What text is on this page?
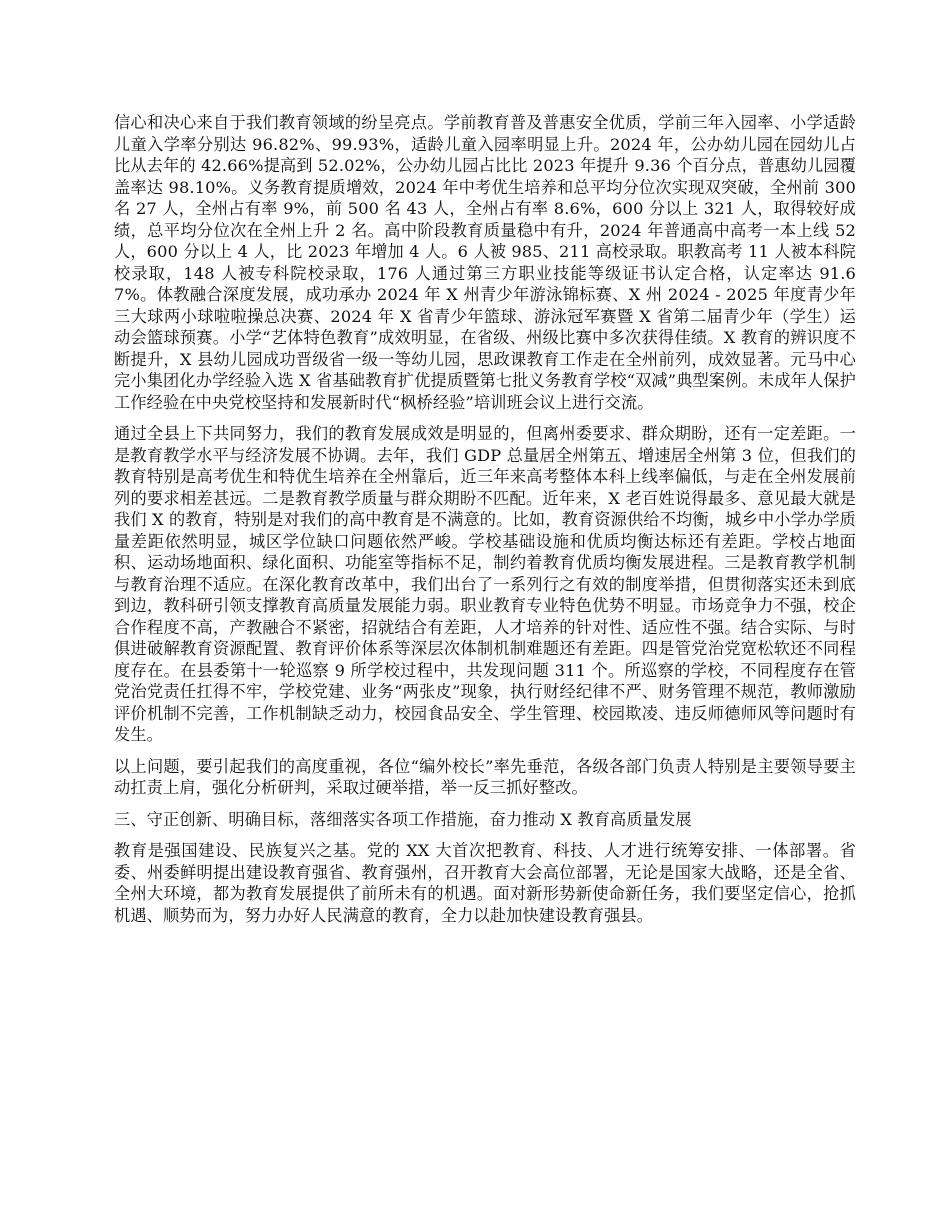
信心和决心来自于我们教育领域的纷呈亮点。学前教育普及普惠安全优质，学前三年入园率、小学适龄儿童入学率分别达 96.82%、99.93%，适龄儿童入园率明显上升。2024 年，公办幼儿园在园幼儿占比从去年的 42.66%提高到 52.02%，公办幼儿园占比比 2023 年提升 9.36 个百分点，普惠幼儿园覆盖率达 98.10%。义务教育提质增效，2024 年中考优生培养和总平均分位次实现双突破，全州前 300 名 27 人，全州占有率 9%，前 500 名 43 人，全州占有率 8.6%，600 分以上 321 人，取得较好成绩，总平均分位次在全州上升 2 名。高中阶段教育质量稳中有升，2024 年普通高中高考一本上线 52 人，600 分以上 4 人，比 2023 年增加 4 人。6 人被 985、211 高校录取。职教高考 11 人被本科院校录取，148 人被专科院校录取，176 人通过第三方职业技能等级证书认定合格，认定率达 91.67%。体教融合深度发展，成功承办 2024 年 X 州青少年游泳锦标赛、X 州 2024 - 2025 年度青少年三大球两小球啦啦操总决赛、2024 年 X 省青少年篮球、游泳冠军赛暨 X 省第二届青少年（学生）运动会篮球预赛。小学“艺体特色教育”成效明显，在省级、州级比赛中多次获得佳绩。X 教育的辨识度不断提升，X 县幼儿园成功晋级省一级一等幼儿园，思政课教育工作走在全州前列，成效显著。元马中心完小集团化办学经验入选 X 省基础教育扩优提质暨第七批义务教育学校“双减”典型案例。未成年人保护工作经验在中央党校坚持和发展新时代“枫桥经验”培训班会议上进行交流。

通过全县上下共同努力，我们的教育发展成效是明显的，但离州委要求、群众期盼，还有一定差距。一是教育教学水平与经济发展不协调。去年，我们 GDP 总量居全州第五、增速居全州第 3 位，但我们的教育特别是高考优生和特优生培养在全州靠后，近三年来高考整体本科上线率偏低，与走在全州发展前列的要求相差甚远。二是教育教学质量与群众期盼不匹配。近年来，X 老百姓说得最多、意见最大就是我们 X 的教育，特别是对我们的高中教育是不满意的。比如，教育资源供给不均衡，城乡中小学办学质量差距依然明显，城区学位缺口问题依然严峻。学校基础设施和优质均衡达标还有差距。学校占地面积、运动场地面积、绿化面积、功能室等指标不足，制约着教育优质均衡发展进程。三是教育教学机制与教育治理不适应。在深化教育改革中，我们出台了一系列行之有效的制度举措，但贯彻落实还未到底到边，教科研引领支撑教育高质量发展能力弱。职业教育专业特色优势不明显。市场竞争力不强，校企合作程度不高，产教融合不紧密，招就结合有差距，人才培养的针对性、适应性不强。结合实际、与时俱进破解教育资源配置、教育评价体系等深层次体制机制难题还有差距。四是管党治党宽松软还不同程度存在。在县委第十一轮巡察 9 所学校过程中，共发现问题 311 个。所巡察的学校，不同程度存在管党治党责任扛得不牢，学校党建、业务“两张皮”现象，执行财经纪律不严、财务管理不规范，教师激励评价机制不完善，工作机制缺乏动力，校园食品安全、学生管理、校园欺凌、违反师德师风等问题时有发生。

以上问题，要引起我们的高度重视，各位“编外校长”率先垂范，各级各部门负责人特别是主要领导要主动扛责上肩，强化分析研判，采取过硬举措，举一反三抓好整改。

三、守正创新、明确目标，落细落实各项工作措施，奋力推动 X 教育高质量发展

教育是强国建设、民族复兴之基。党的 XX 大首次把教育、科技、人才进行统筹安排、一体部署。省委、州委鲜明提出建设教育强省、教育强州，召开教育大会高位部署，无论是国家大战略，还是全省、全州大环境，都为教育发展提供了前所未有的机遇。面对新形势新使命新任务，我们要坚定信心，抢抓机遇、顺势而为，努力办好人民满意的教育，全力以赴加快建设教育强县。
